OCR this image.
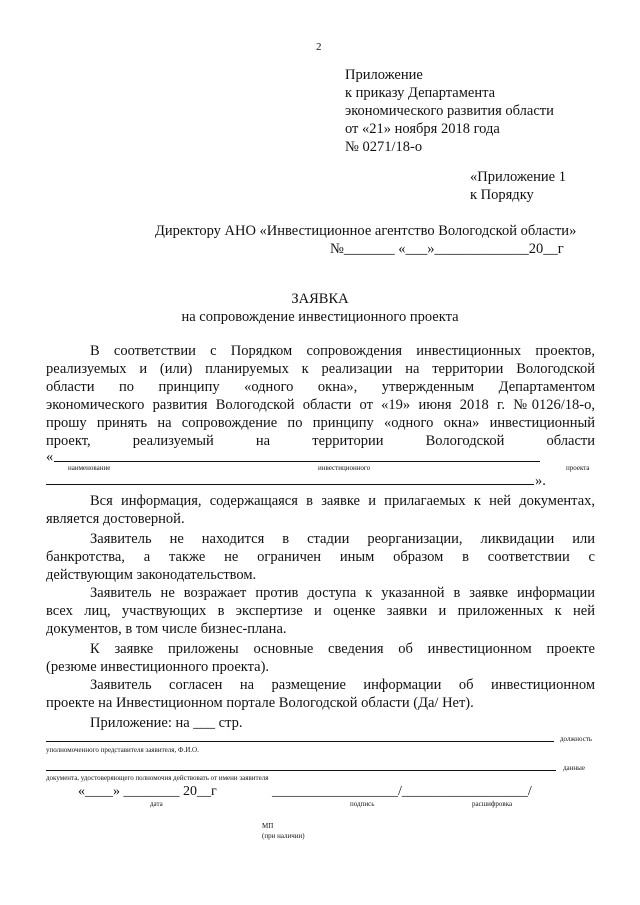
2
Приложение
к приказу Департамента
экономического развития области
от «21» ноября 2018 года
№ 0271/18-о
«Приложение 1
к Порядку
Директору АНО «Инвестиционное агентство Вологодской области»
№_______ «___»_____________20__г
ЗАЯВКА
на сопровождение инвестиционного проекта
В соответствии с Порядком сопровождения инвестиционных проектов,
реализуемых и (или) планируемых к реализации на территории Вологодской
области по принципу «одного окна», утвержденным Департаментом
экономического развития Вологодской области от «19» июня 2018 г. №0126/18-о,
прошу принять на сопровождение по принципу «одного окна» инвестиционный
проект, реализуемый на территории Вологодской области
«
наименование	инвестиционного	проекта
».
Вся информация, содержащаяся в заявке и прилагаемых к ней документах,
является достоверной.
Заявитель не находится в стадии реорганизации, ликвидации или
банкротства, а также не ограничен иным образом в соответствии с
действующим законодательством.
Заявитель не возражает против доступа к указанной в заявке информации
всех лиц, участвующих в экспертизе и оценке заявки и приложенных к ней
документов, в том числе бизнес-плана.
К заявке приложены основные сведения об инвестиционном проекте
(резюме инвестиционного проекта).
Заявитель согласен на размещение информации об инвестиционном
проекте на Инвестиционном портале Вологодской области (Да/ Нет).
Приложение: на ___ стр.
должность
уполномоченного представителя заявителя, Ф.И.О.
данные
документа, удостоверяющего полномочия действовать от имени заявителя
«____» ________ 20__г	__________________/__________________/
дата	подпись	расшифровка
МП
(при наличии)
